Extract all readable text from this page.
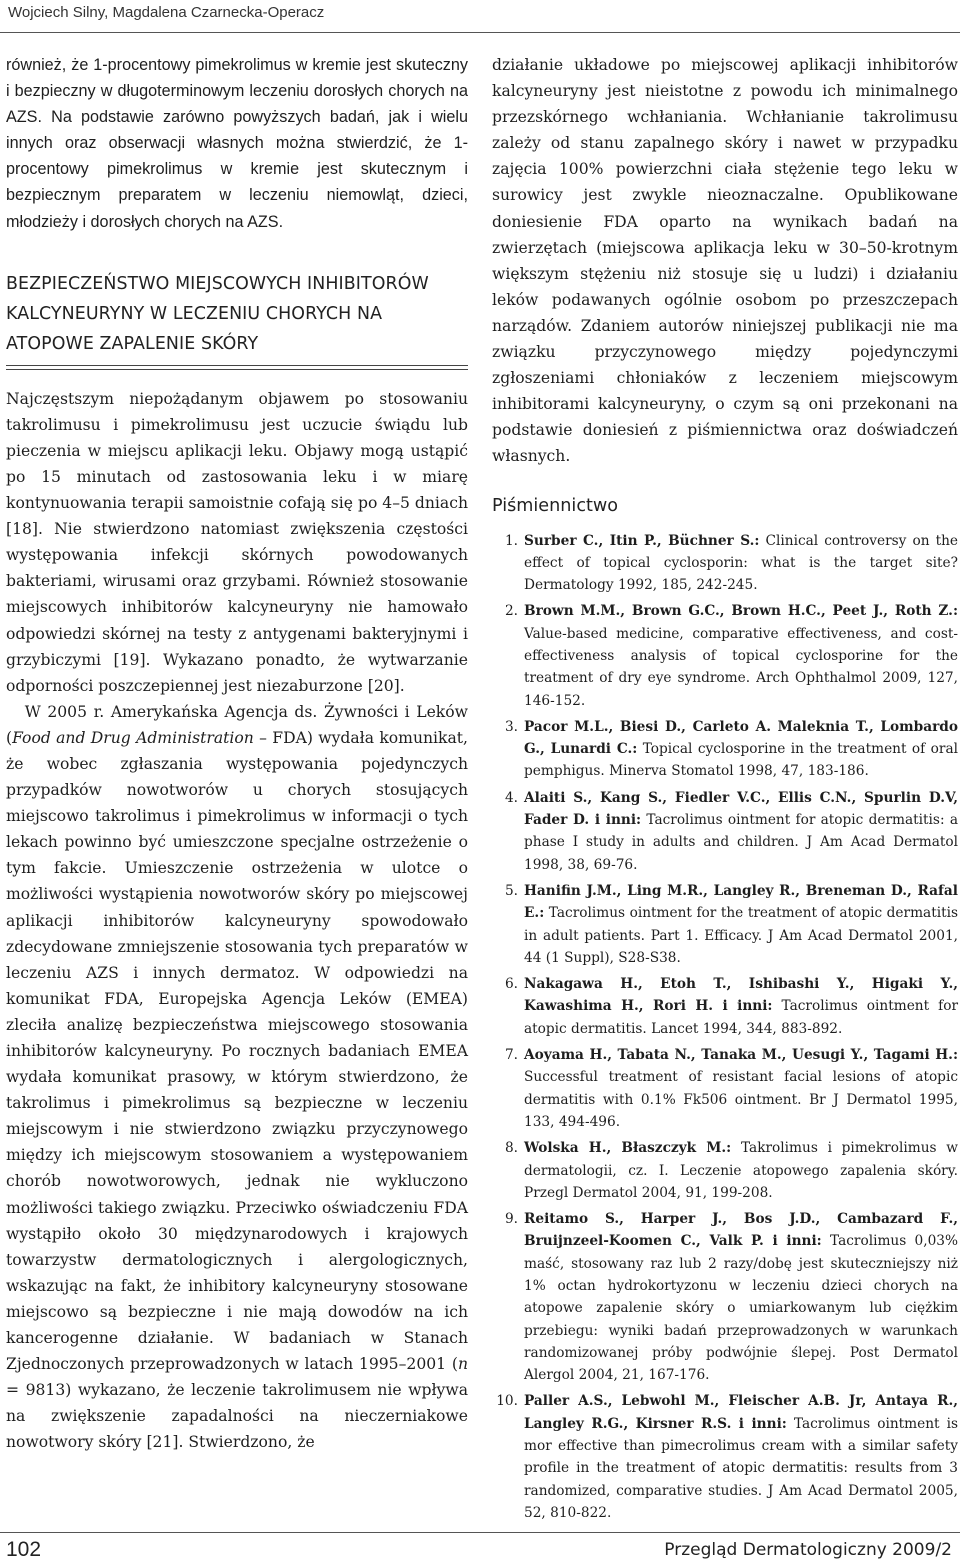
Wojciech Silny, Magdalena Czarnecka-Operacz

również, że 1-procentowy pimekrolimus w kremie jest skuteczny i bezpieczny w długoterminowym leczeniu dorosłych chorych na AZS. Na podstawie zarówno powyższych badań, jak i wielu innych oraz obserwacji własnych można stwierdzić, że 1-procentowy pimekrolimus w kremie jest skutecznym i bezpiecznym preparatem w leczeniu niemowląt, dzieci, młodzieży i dorosłych chorych na AZS.

BEZPIECZEŃSTWO MIEJSCOWYCH INHIBITORÓW KALCYNEURYNY W LECZENIU CHORYCH NA ATOPOWE ZAPALENIE SKÓRY

Najczęstszym niepożądanym objawem po stosowaniu takrolimusu i pimekrolimusu jest uczucie świądu lub pieczenia w miejscu aplikacji leku. Objawy mogą ustąpić po 15 minutach od zastosowania leku i w miarę kontynuowania terapii samoistnie cofają się po 4–5 dniach [18]. Nie stwierdzono natomiast zwiększenia częstości występowania infekcji skórnych powodowanych bakteriami, wirusami oraz grzybami. Również stosowanie miejscowych inhibitorów kalcyneuryny nie hamowało odpowiedzi skórnej na testy z antygenami bakteryjnymi i grzybiczymi [19]. Wykazano ponadto, że wytwarzanie odporności poszczepiennej jest niezaburzone [20].

W 2005 r. Amerykańska Agencja ds. Żywności i Leków (Food and Drug Administration – FDA) wydała komunikat, że wobec zgłaszania występowania pojedynczych przypadków nowotworów u chorych stosujących miejscowo takrolimus i pimekrolimus w informacji o tych lekach powinno być umieszczone specjalne ostrzeżenie o tym fakcie. Umieszczenie ostrzeżenia w ulotce o możliwości wystąpienia nowotworów skóry po miejscowej aplikacji inhibitorów kalcyneuryny spowodowało zdecydowane zmniejszenie stosowania tych preparatów w leczeniu AZS i innych dermatoz. W odpowiedzi na komunikat FDA, Europejska Agencja Leków (EMEA) zleciła analizę bezpieczeństwa miejscowego stosowania inhibitorów kalcyneuryny. Po rocznych badaniach EMEA wydała komunikat prasowy, w którym stwierdzono, że takrolimus i pimekrolimus są bezpieczne w leczeniu miejscowym i nie stwierdzono związku przyczynowego między ich miejscowym stosowaniem a występowaniem chorób nowotworowych, jednak nie wykluczono możliwości takiego związku. Przeciwko oświadczeniu FDA wystąpiło około 30 międzynarodowych i krajowych towarzystw dermatologicznych i alergologicznych, wskazując na fakt, że inhibitory kalcyneuryny stosowane miejscowo są bezpieczne i nie mają dowodów na ich kancerogenne działanie. W badaniach w Stanach Zjednoczonych przeprowadzonych w latach 1995–2001 (n = 9813) wykazano, że leczenie takrolimusem nie wpływa na zwiększenie zapadalności na nieczerniakowe nowotwory skóry [21]. Stwierdzono, że

działanie układowe po miejscowej aplikacji inhibitorów kalcyneuryny jest nieistotne z powodu ich minimalnego przezskórnego wchłaniania. Wchłanianie takrolimusu zależy od stanu zapalnego skóry i nawet w przypadku zajęcia 100% powierzchni ciała stężenie tego leku w surowicy jest zwykle nieoznaczalne. Opublikowane doniesienie FDA oparto na wynikach badań na zwierzętach (miejscowa aplikacja leku w 30–50-krotnym większym stężeniu niż stosuje się u ludzi) i działaniu leków podawanych ogólnie osobom po przeszczepach narządów. Zdaniem autorów niniejszej publikacji nie ma związku przyczynowego między pojedynczymi zgłoszeniami chłoniaków z leczeniem miejscowym inhibitorami kalcyneuryny, o czym są oni przekonani na podstawie doniesień z piśmiennictwa oraz doświadczeń własnych.

Piśmiennictwo
1. Surber C., Itin P., Büchner S.: Clinical controversy on the effect of topical cyclosporin: what is the target site? Dermatology 1992, 185, 242-245.
2. Brown M.M., Brown G.C., Brown H.C., Peet J., Roth Z.: Value-based medicine, comparative effectiveness, and cost-effectiveness analysis of topical cyclosporine for the treatment of dry eye syndrome. Arch Ophthalmol 2009, 127, 146-152.
3. Pacor M.L., Biesi D., Carleto A. Maleknia T., Lombardo G., Lunardi C.: Topical cyclosporine in the treatment of oral pemphigus. Minerva Stomatol 1998, 47, 183-186.
4. Alaiti S., Kang S., Fiedler V.C., Ellis C.N., Spurlin D.V, Fader D. i inni: Tacrolimus ointment for atopic dermatitis: a phase I study in adults and children. J Am Acad Dermatol 1998, 38, 69-76.
5. Hanifin J.M., Ling M.R., Langley R., Breneman D., Rafal E.: Tacrolimus ointment for the treatment of atopic dermatitis in adult patients. Part 1. Efficacy. J Am Acad Dermatol 2001, 44 (1 Suppl), S28-S38.
6. Nakagawa H., Etoh T., Ishibashi Y., Higaki Y., Kawashima H., Rori H. i inni: Tacrolimus ointment for atopic dermatitis. Lancet 1994, 344, 883-892.
7. Aoyama H., Tabata N., Tanaka M., Uesugi Y., Tagami H.: Successful treatment of resistant facial lesions of atopic dermatitis with 0.1% Fk506 ointment. Br J Dermatol 1995, 133, 494-496.
8. Wolska H., Błaszczyk M.: Takrolimus i pimekrolimus w dermatologii, cz. I. Leczenie atopowego zapalenia skóry. Przegl Dermatol 2004, 91, 199-208.
9. Reitamo S., Harper J., Bos J.D., Cambazard F., Bruijnzeel-Koomen C., Valk P. i inni: Tacrolimus 0,03% maść, stosowany raz lub 2 razy/dobę jest skuteczniejszy niż 1% octan hydrokortyzonu w leczeniu dzieci chorych na atopowe zapalenie skóry o umiarkowanym lub ciężkim przebiegu: wyniki badań przeprowadzonych w warunkach randomizowanej próby podwójnie ślepej. Post Dermatol Alergol 2004, 21, 167-176.
10. Paller A.S., Lebwohl M., Fleischer A.B. Jr, Antaya R., Langley R.G., Kirsner R.S. i inni: Tacrolimus ointment is mor effective than pimecrolimus cream with a similar safety profile in the treatment of atopic dermatitis: results from 3 randomized, comparative studies. J Am Acad Dermatol 2005, 52, 810-822.
102	Przegląd Dermatologiczny 2009/2
